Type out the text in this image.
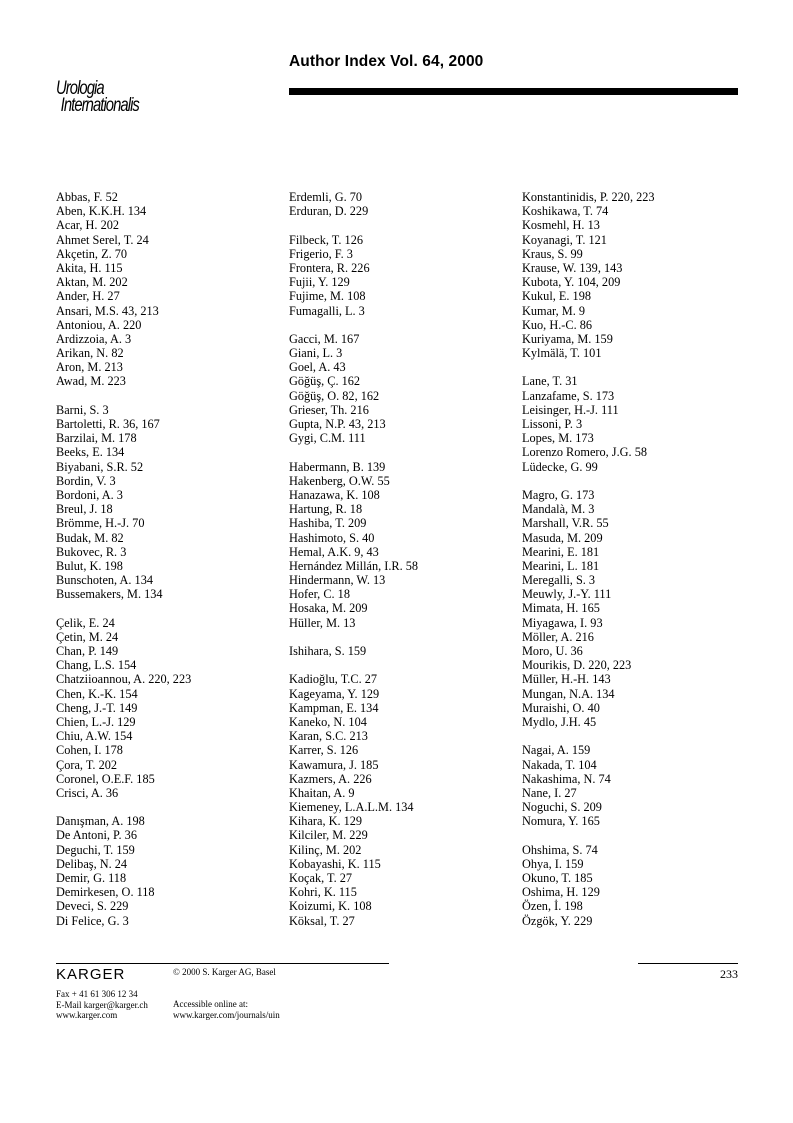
Urologia
Internationalis
Author Index Vol. 64, 2000
Abbas, F. 52
Aben, K.K.H. 134
Acar, H. 202
Ahmet Serel, T. 24
Akçetin, Z. 70
Akita, H. 115
Aktan, M. 202
Ander, H. 27
Ansari, M.S. 43, 213
Antoniou, A. 220
Ardizzoia, A. 3
Arikan, N. 82
Aron, M. 213
Awad, M. 223
Barni, S. 3
Bartoletti, R. 36, 167
Barzilai, M. 178
Beeks, E. 134
Biyabani, S.R. 52
Bordin, V. 3
Bordoni, A. 3
Breul, J. 18
Brömme, H.-J. 70
Budak, M. 82
Bukovec, R. 3
Bulut, K. 198
Bunschoten, A. 134
Bussemakers, M. 134
Çelik, E. 24
Çetin, M. 24
Chan, P. 149
Chang, L.S. 154
Chatziioannou, A. 220, 223
Chen, K.-K. 154
Cheng, J.-T. 149
Chien, L.-J. 129
Chiu, A.W. 154
Cohen, I. 178
Çora, T. 202
Coronel, O.E.F. 185
Crisci, A. 36
Danışman, A. 198
De Antoni, P. 36
Deguchi, T. 159
Delibaş, N. 24
Demir, G. 118
Demirkesen, O. 118
Deveci, S. 229
Di Felice, G. 3
Erdemli, G. 70
Erduran, D. 229
Filbeck, T. 126
Frigerio, F. 3
Frontera, R. 226
Fujii, Y. 129
Fujime, M. 108
Fumagalli, L. 3
Gacci, M. 167
Giani, L. 3
Goel, A. 43
Göğüş, Ç. 162
Göğüş, O. 82, 162
Grieser, Th. 216
Gupta, N.P. 43, 213
Gygi, C.M. 111
Habermann, B. 139
Hakenberg, O.W. 55
Hanazawa, K. 108
Hartung, R. 18
Hashiba, T. 209
Hashimoto, S. 40
Hemal, A.K. 9, 43
Hernández Millán, I.R. 58
Hindermann, W. 13
Hofer, C. 18
Hosaka, M. 209
Hüller, M. 13
Ishihara, S. 159
Kadioğlu, T.C. 27
Kageyama, Y. 129
Kampman, E. 134
Kaneko, N. 104
Karan, S.C. 213
Karrer, S. 126
Kawamura, J. 185
Kazmers, A. 226
Khaitan, A. 9
Kiemeney, L.A.L.M. 134
Kihara, K. 129
Kilciler, M. 229
Kilinç, M. 202
Kobayashi, K. 115
Koçak, T. 27
Kohri, K. 115
Koizumi, K. 108
Köksal, T. 27
Konstantinidis, P. 220, 223
Koshikawa, T. 74
Kosmehl, H. 13
Koyanagi, T. 121
Kraus, S. 99
Krause, W. 139, 143
Kubota, Y. 104, 209
Kukul, E. 198
Kumar, M. 9
Kuo, H.-C. 86
Kuriyama, M. 159
Kylmälä, T. 101
Lane, T. 31
Lanzafame, S. 173
Leisinger, H.-J. 111
Lissoni, P. 3
Lopes, M. 173
Lorenzo Romero, J.G. 58
Lüdecke, G. 99
Magro, G. 173
Mandalà, M. 3
Marshall, V.R. 55
Masuda, M. 209
Mearini, E. 181
Mearini, L. 181
Meregalli, S. 3
Meuwly, J.-Y. 111
Mimata, H. 165
Miyagawa, I. 93
Möller, A. 216
Moro, U. 36
Mourikis, D. 220, 223
Müller, H.-H. 143
Mungan, N.A. 134
Muraishi, O. 40
Mydlo, J.H. 45
Nagai, A. 159
Nakada, T. 104
Nakashima, N. 74
Nane, I. 27
Noguchi, S. 209
Nomura, Y. 165
Ohshima, S. 74
Ohya, I. 159
Okuno, T. 185
Oshima, H. 129
Özen, İ. 198
Özgök, Y. 229
KARGER	© 2000 S. Karger AG, Basel
Fax + 41 61 306 12 34
E-Mail karger@karger.ch
www.karger.com
Accessible online at:
www.karger.com/journals/uin
233
